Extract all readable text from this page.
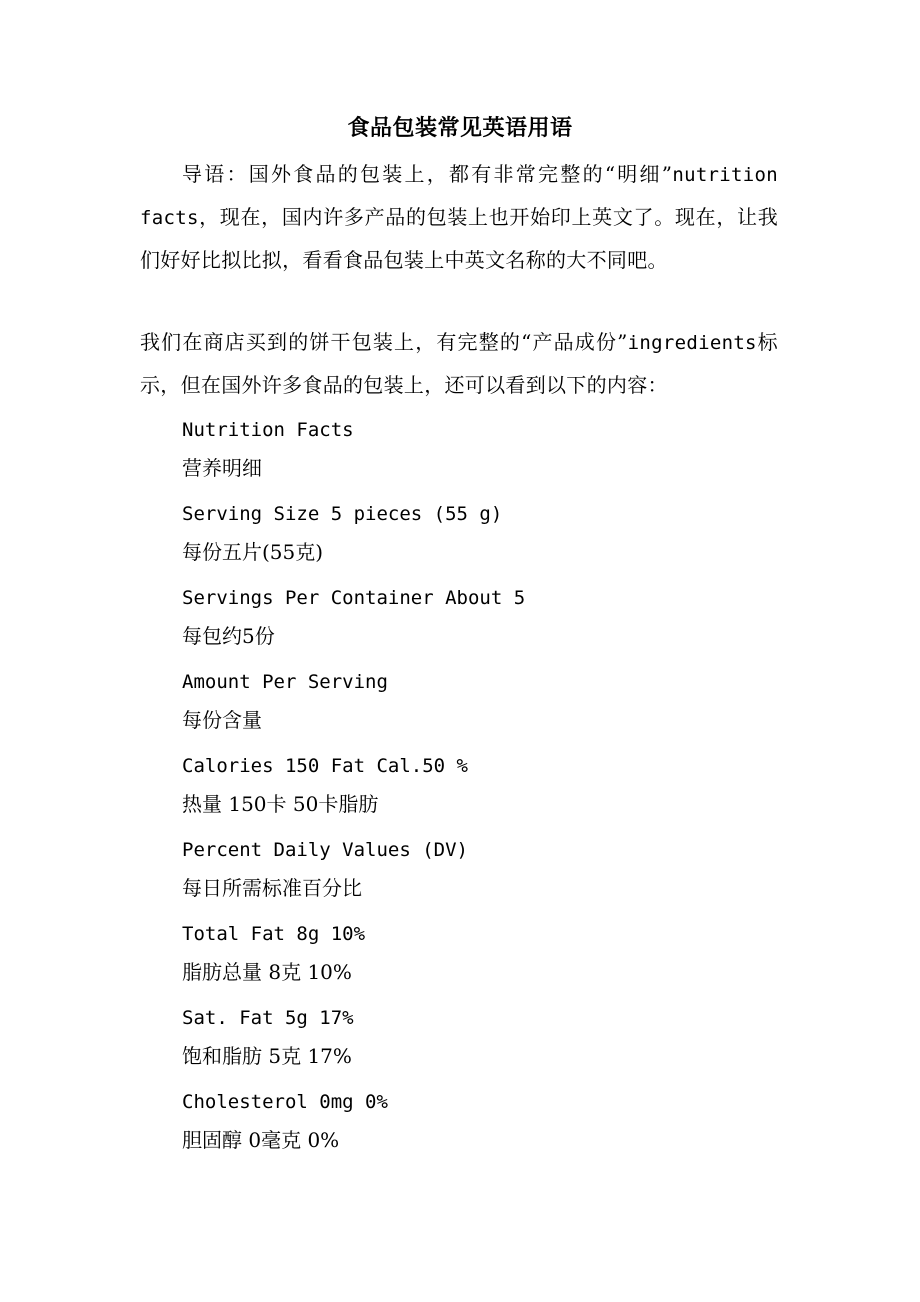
食品包装常见英语用语
导语：国外食品的包装上，都有非常完整的“明细”nutrition facts，现在，国内许多产品的包装上也开始印上英文了。现在，让我们好好比拟比拟，看看食品包装上中英文名称的大不同吧。
我们在商店买到的饼干包装上，有完整的“产品成份”ingredients标示，但在国外许多食品的包装上，还可以看到以下的内容：
Nutrition Facts
营养明细
Serving Size 5 pieces (55 g)
每份五片(55克)
Servings Per Container About 5
每包约5份
Amount Per Serving
每份含量
Calories 150 Fat Cal.50 %
热量 150卡 50卡脂肪
Percent Daily Values (DV)
每日所需标准百分比
Total Fat 8g 10%
脂肪总量 8克 10%
Sat. Fat 5g 17%
饱和脂肪 5克 17%
Cholesterol 0mg 0%
胆固醇 0毫克 0%
